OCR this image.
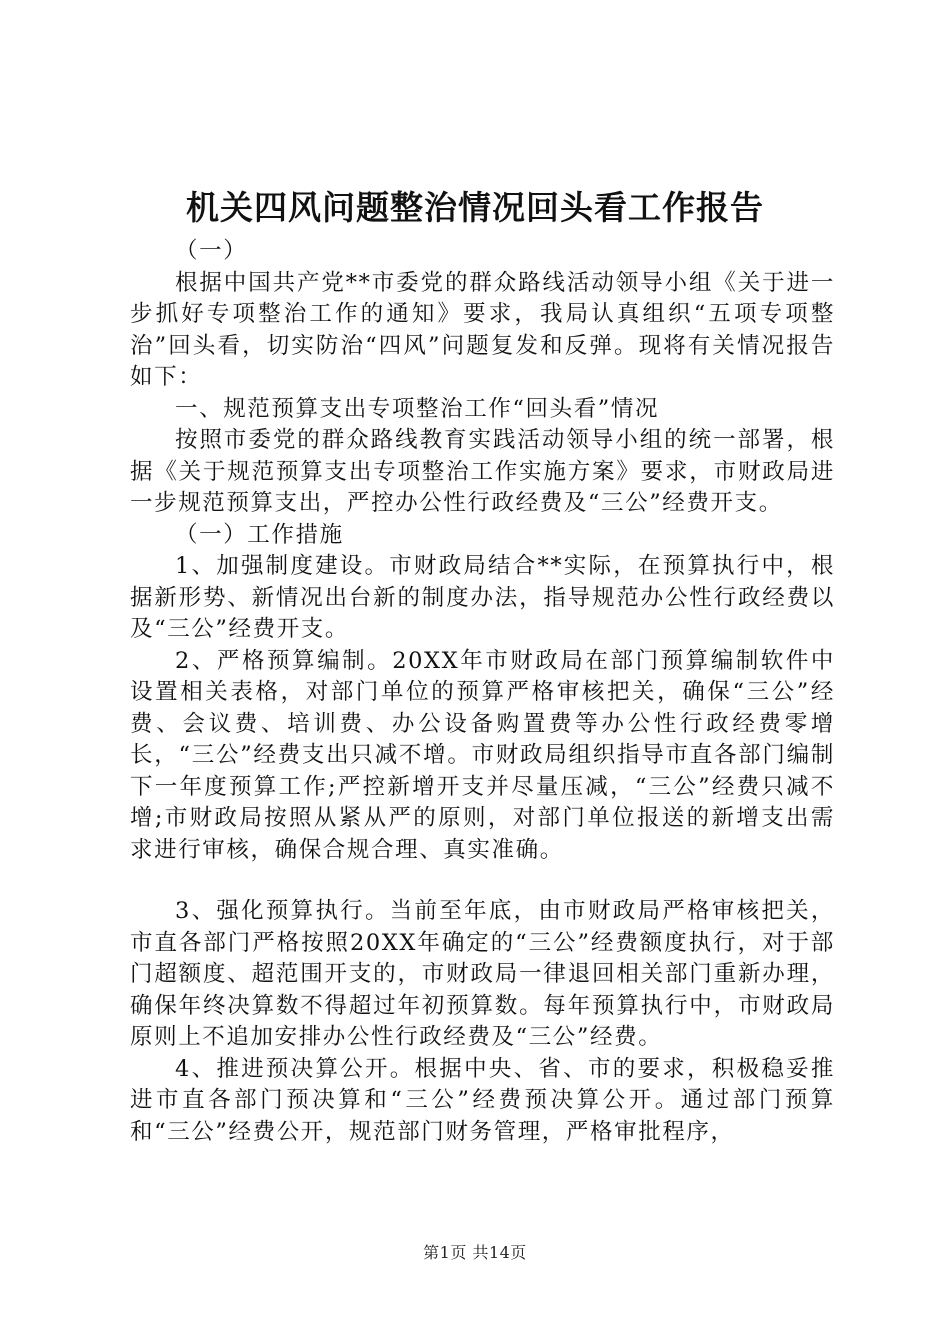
机关四风问题整治情况回头看工作报告

（一）

根据中国共产党**市委党的群众路线活动领导小组《关于进一步抓好专项整治工作的通知》要求，我局认真组织“五项专项整治”回头看，切实防治“四风”问题复发和反弹。现将有关情况报告如下：

一、规范预算支出专项整治工作“回头看”情况

按照市委党的群众路线教育实践活动领导小组的统一部署，根据《关于规范预算支出专项整治工作实施方案》要求，市财政局进一步规范预算支出，严控办公性行政经费及“三公”经费开支。

（一）工作措施

1、加强制度建设。市财政局结合**实际，在预算执行中，根据新形势、新情况出台新的制度办法，指导规范办公性行政经费以及“三公”经费开支。

2、严格预算编制。20XX年市财政局在部门预算编制软件中设置相关表格，对部门单位的预算严格审核把关，确保“三公”经费、会议费、培训费、办公设备购置费等办公性行政经费零增长，“三公”经费支出只减不增。市财政局组织指导市直各部门编制下一年度预算工作;严控新增开支并尽量压减，“三公”经费只减不增;市财政局按照从紧从严的原则，对部门单位报送的新增支出需求进行审核，确保合规合理、真实准确。

3、强化预算执行。当前至年底，由市财政局严格审核把关，市直各部门严格按照20XX年确定的“三公”经费额度执行，对于部门超额度、超范围开支的，市财政局一律退回相关部门重新办理，确保年终决算数不得超过年初预算数。每年预算执行中，市财政局原则上不追加安排办公性行政经费及“三公”经费。

4、推进预决算公开。根据中央、省、市的要求，积极稳妥推进市直各部门预决算和“三公”经费预决算公开。通过部门预算和“三公”经费公开，规范部门财务管理，严格审批程序，

第1页 共14页
